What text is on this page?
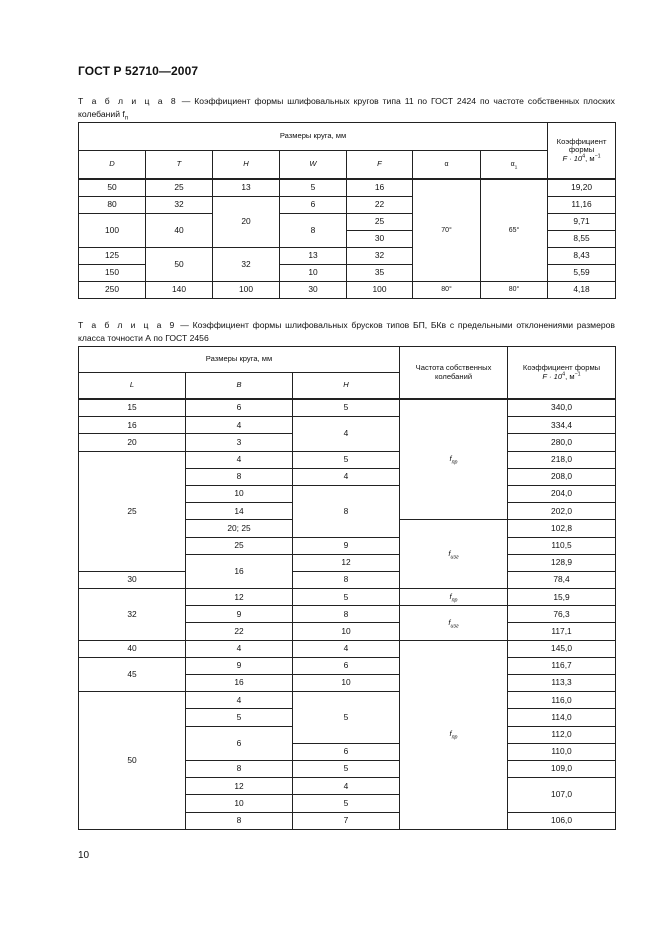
ГОСТ Р 52710—2007
Т а б л и ц а 8 — Коэффициент формы шлифовальных кругов типа 11 по ГОСТ 2424 по частоте собственных плоских колебаний $f_п$
Размеры круга, мм							Коэффициент формы
$F \cdot 10^4$, $м^{-1}$
D	T	H	W	F	α	$\alpha_1$
50	25	13	5	16	70°	65°	19,20
80	32	20	6	22			11,16
100	40		8	25			9,71
				30			8,55
125	50	32	13	32			8,43
150			10	35			5,59
250	140	100	30	100	80°	80°	4,18
Т а б л и ц а 9 — Коэффициент формы шлифовальных брусков типов БП, БКв с предельными отклонениями размеров класса точности А по ГОСТ 2456
Размеры круга, мм			Частота собственных колебаний	Коэффициент формы
$F \cdot 10^4$, $м^{-1}$
L	B	H		
15	6	5	$f_{пр}$	340,0
16	4	4		334,4
20	3			280,0
25	4	5		218,0
	8	4		208,0
	10	8		204,0
	14			202,0
	20; 25		$f_{изг}$	102,8
	25	9		110,5
	16	12		128,9
30		8		78,4
32	12	5	$f_{пр}$	15,9
	9	8	$f_{изг}$	76,3
	22	10		117,1
40	4	4	$f_{пр}$	145,0
45	9	6		116,7
	16	10		113,3
50	4	5		116,0
	5			114,0
	6			112,0
		6		110,0
	8	5		109,0
	12	4		107,0
	10	5		
	8	7		106,0
10
